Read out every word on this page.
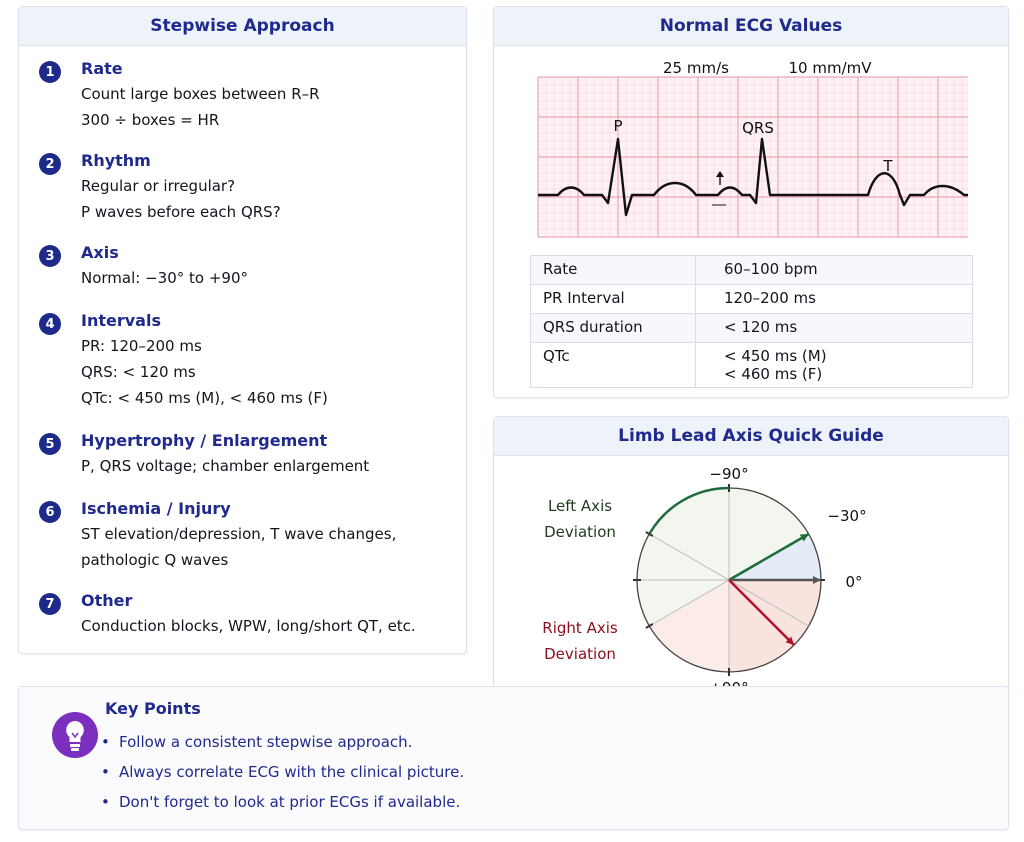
Stepwise Approach
1	Rate
Count large boxes between R–R
300 ÷ boxes = HR
2	Rhythm
Regular or irregular?
P waves before each QRS?
3	Axis
Normal: −30° to +90°
4	Intervals
PR: 120–200 ms
QRS: < 120 ms
QTc: < 450 ms (M), < 460 ms (F)
5	Hypertrophy / Enlargement
P, QRS voltage; chamber enlargement
6	Ischemia / Injury
ST elevation/depression, T wave changes,
pathologic Q waves
7	Other
Conduction blocks, WPW, long/short QT, etc.
Normal ECG Values
25 mm/s	10 mm/mV
P	QRS
T
Rate	60–100 bpm

PR Interval	120–200 ms

QRS duration	< 120 ms

QTc	< 450 ms (M)
< 460 ms (F)
Limb Lead Axis Quick Guide
−90°
−30°
0°
Left Axis
Deviation
Right Axis
Deviation
Key Points
• Follow a consistent stepwise approach.
• Always correlate ECG with the clinical picture.
• Don't forget to look at prior ECGs if available.
